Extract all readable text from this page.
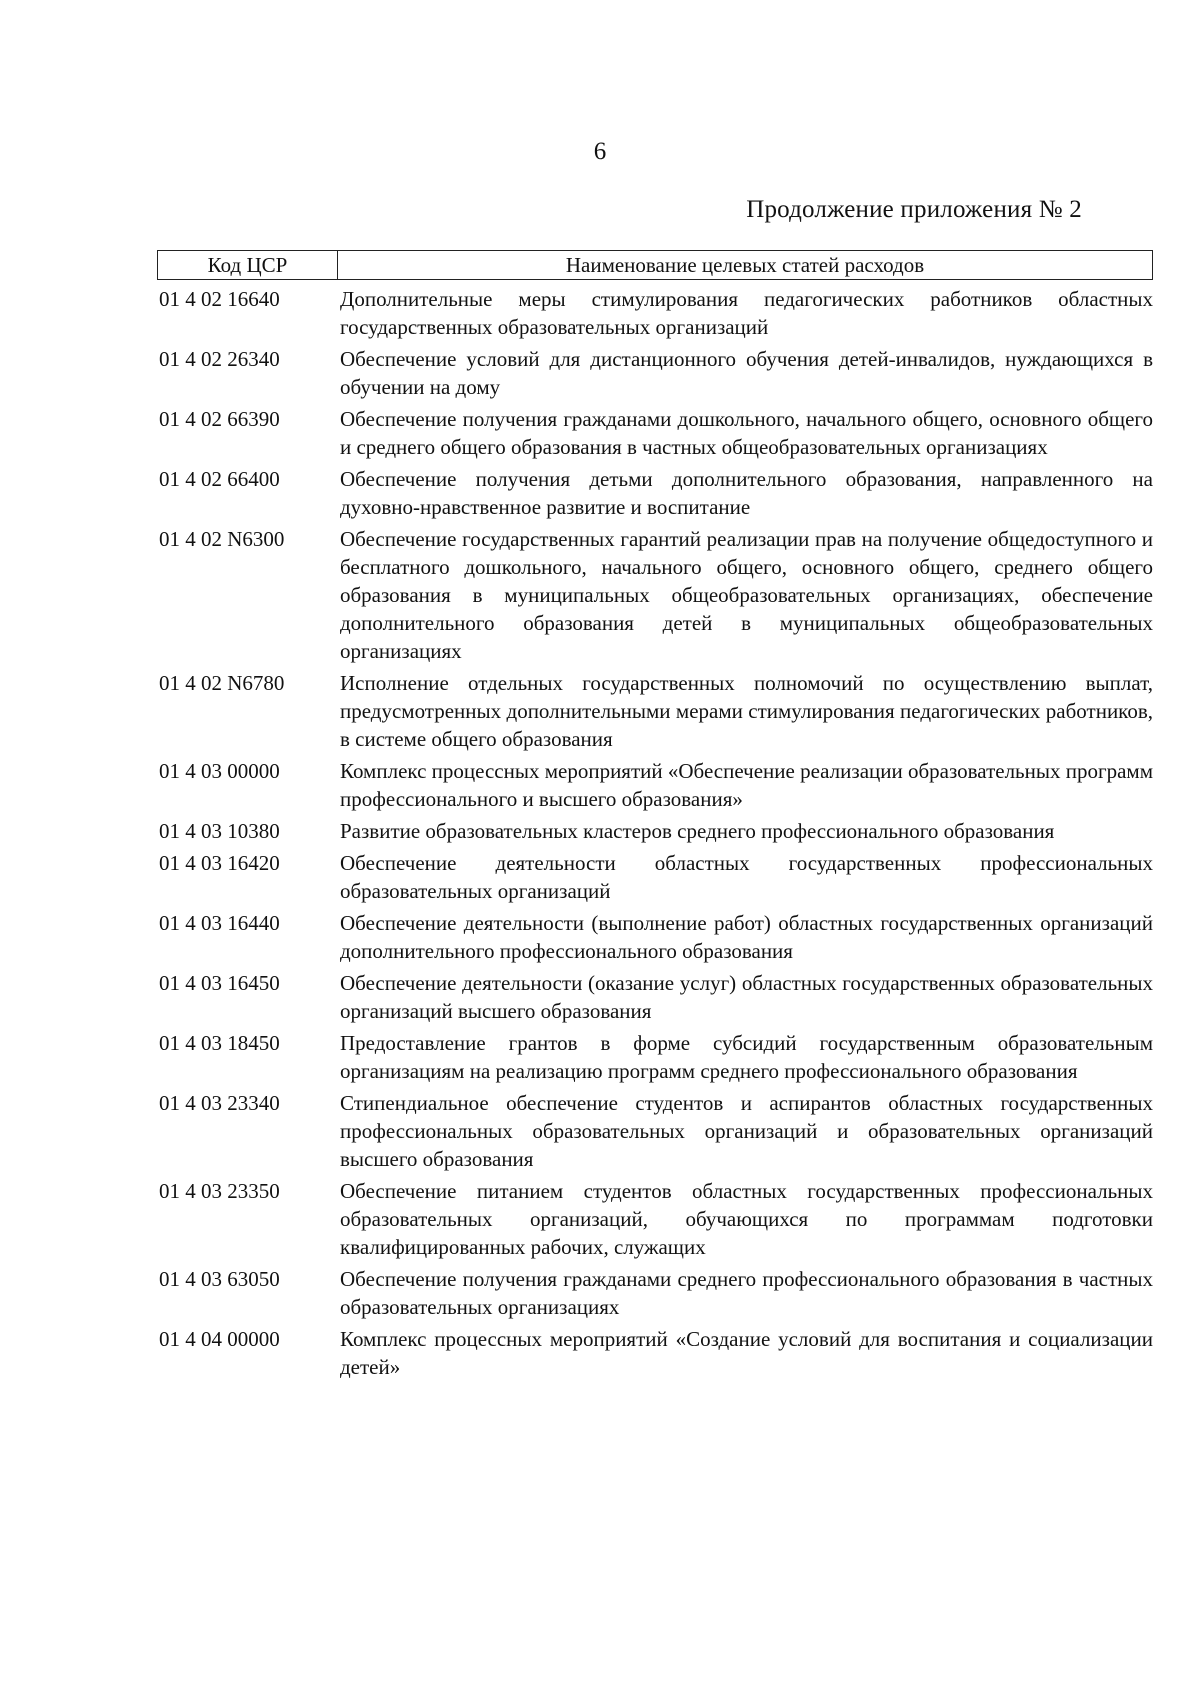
6
Продолжение приложения № 2
Код ЦСР	Наименование целевых статей расходов
01 4 02 16640	Дополнительные меры стимулирования педагогических работников областных государственных образовательных организаций
01 4 02 26340	Обеспечение условий для дистанционного обучения детей-инвалидов, нуждающихся в обучении на дому
01 4 02 66390	Обеспечение получения гражданами дошкольного, начального общего, основного общего и среднего общего образования в частных общеобразовательных организациях
01 4 02 66400	Обеспечение получения детьми дополнительного образования, направленного на духовно-нравственное развитие и воспитание
01 4 02 N6300	Обеспечение государственных гарантий реализации прав на получение общедоступного и бесплатного дошкольного, начального общего, основного общего, среднего общего образования в муниципальных общеобразовательных организациях, обеспечение дополнительного образования детей в муниципальных общеобразовательных организациях
01 4 02 N6780	Исполнение отдельных государственных полномочий по осуществлению выплат, предусмотренных дополнительными мерами стимулирования педагогических работников, в системе общего образования
01 4 03 00000	Комплекс процессных мероприятий «Обеспечение реализации образовательных программ профессионального и высшего образования»
01 4 03 10380	Развитие образовательных кластеров среднего профессионального образования
01 4 03 16420	Обеспечение деятельности областных государственных профессиональных образовательных организаций
01 4 03 16440	Обеспечение деятельности (выполнение работ) областных государственных организаций дополнительного профессионального образования
01 4 03 16450	Обеспечение деятельности (оказание услуг) областных государственных образовательных организаций высшего образования
01 4 03 18450	Предоставление грантов в форме субсидий государственным образовательным организациям на реализацию программ среднего профессионального образования
01 4 03 23340	Стипендиальное обеспечение студентов и аспирантов областных государственных профессиональных образовательных организаций и образовательных организаций высшего образования
01 4 03 23350	Обеспечение питанием студентов областных государственных профессиональных образовательных организаций, обучающихся по программам подготовки квалифицированных рабочих, служащих
01 4 03 63050	Обеспечение получения гражданами среднего профессионального образования в частных образовательных организациях
01 4 04 00000	Комплекс процессных мероприятий «Создание условий для воспитания и социализации детей»
